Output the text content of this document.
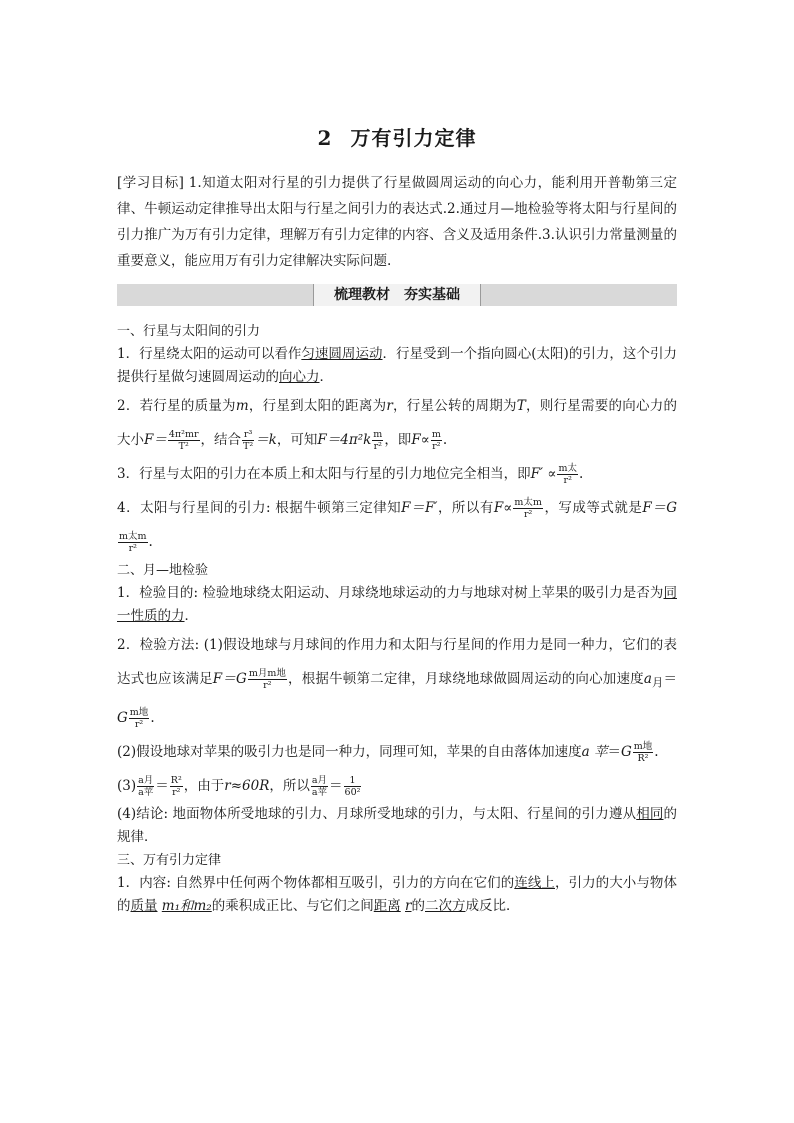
2 万有引力定律
[学习目标] 1.知道太阳对行星的引力提供了行星做圆周运动的向心力，能利用开普勒第三定律、牛顿运动定律推导出太阳与行星之间引力的表达式.2.通过月—地检验等将太阳与行星间的引力推广为万有引力定律，理解万有引力定律的内容、含义及适用条件.3.认识引力常量测量的重要意义，能应用万有引力定律解决实际问题.
梳理教材　夯实基础

一、行星与太阳间的引力

1．行星绕太阳的运动可以看作匀速圆周运动．行星受到一个指向圆心(太阳)的引力，这个引力提供行星做匀速圆周运动的向心力．

2．若行星的质量为m，行星到太阳的距离为r，行星公转的周期为T，则行星需要的向心力的大小$F= \frac{\text{4π²mr}}{\text{T²}}$ ，结合 $\frac{\text{r³}}{\text{T²}} =k$，可知$F=4\pi^2k \frac{m}{\text{r²}}$ ，即$F\propto \frac{m}{\text{r²}}$ .

3．行星与太阳的引力在本质上和太阳与行星的引力地位完全相当，即$F' \propto \frac{\text{m太}}{\text{r²}}$ .

4．太阳与行星间的引力: 根据牛顿第三定律知F＝F′，所以有$F\propto \frac{\text{m太m}}{\text{r²}}$ ，写成等式就是F＝G
$\frac{\text{m太m}}{\text{r²}}$ .

二、月—地检验

1．检验目的: 检验地球绕太阳运动、月球绕地球运动的力与地球对树上苹果的吸引力是否为同一性质的力．

2．检验方法: (1)假设地球与月球间的作用力和太阳与行星间的作用力是同一种力，它们的表达式也应该满足$F=G \frac{\text{m月m地}}{\text{r²}}$ ，根据牛顿第二定律，月球绕地球做圆周运动的向心加速度$a_月=G \frac{\text{m地}}{\text{r²}}$ .

(2)假设地球对苹果的吸引力也是同一种力，同理可知，苹果的自由落体加速度a 苹$=G \frac{\text{m地}}{\text{R²}}$ .

$(3) \frac{\text{a月}}{\text{a苹}} = \frac{\text{R²}}{\text{r²}}$ ，由于r≈60R，所以 $\frac{\text{a月}}{\text{a苹}} = \frac{1}{\text{60²}}$

(4)结论: 地面物体所受地球的引力、月球所受地球的引力，与太阳、行星间的引力遵从相同的规律．

三、万有引力定律

1．内容: 自然界中任何两个物体都相互吸引，引力的方向在它们的连线上，引力的大小与物体的质量 m₁和m₂的乘积成正比、与它们之间距离 r的二次方成反比．
